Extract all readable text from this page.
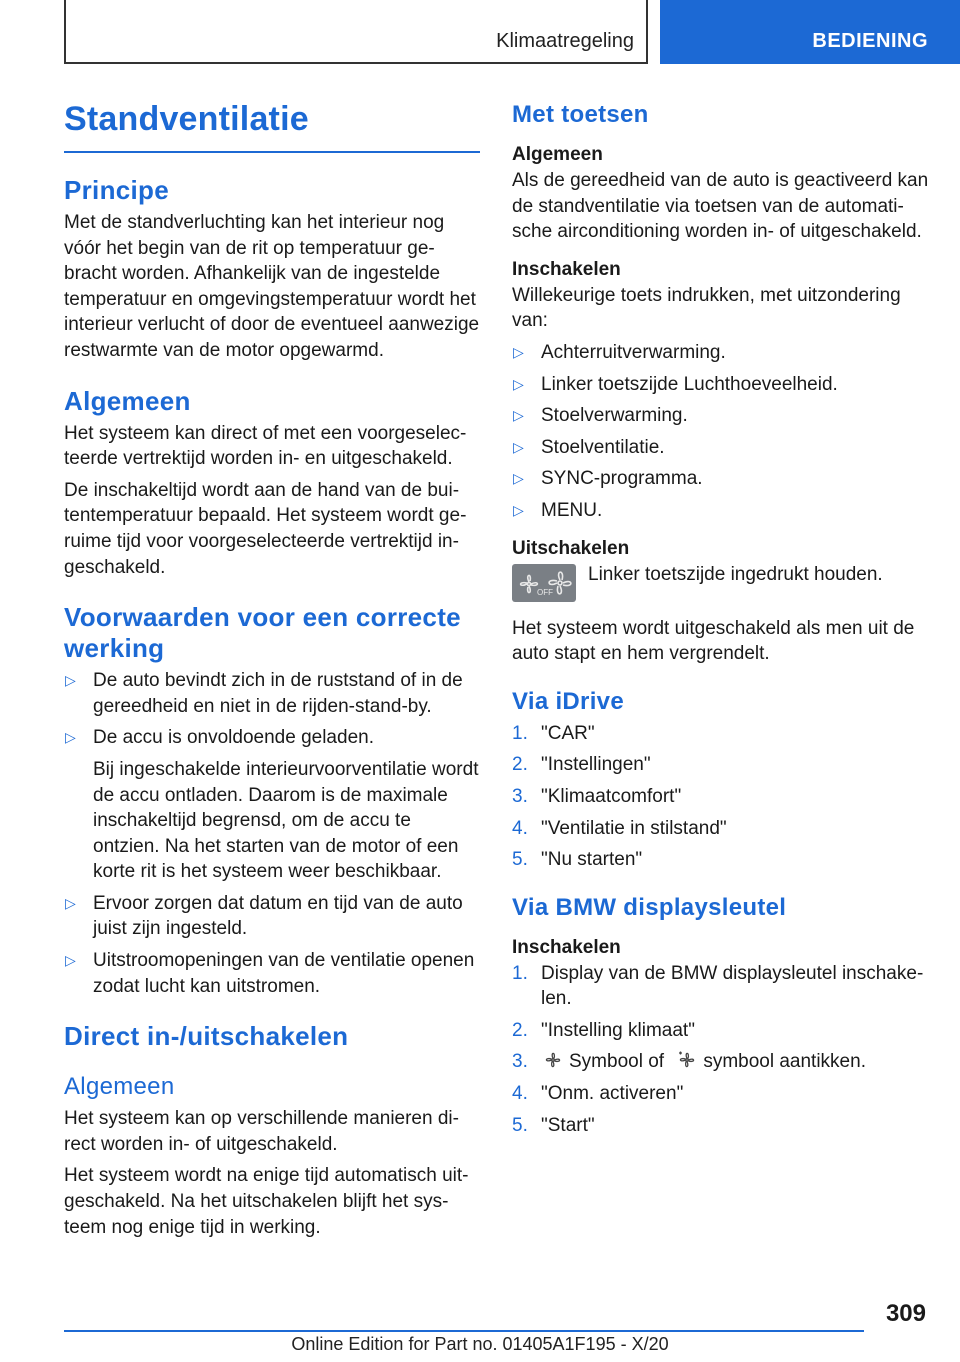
Klimaatregeling	BEDIENING
Standventilatie
Principe

Met de standverluchting kan het interieur nog vóór het begin van de rit op temperatuur gebracht worden. Afhankelijk van de ingestelde temperatuur en omgevingstemperatuur wordt het interieur verlucht of door de eventueel aanwezige restwarmte van de motor opgewarmd.

Algemeen

Het systeem kan direct of met een voorgeselecteerde vertrektijd worden in- en uitgeschakeld.

De inschakeltijd wordt aan de hand van de buitentemperatuur bepaald. Het systeem wordt geruime tijd voor voorgeselecteerde vertrektijd ingeschakeld.

Voorwaarden voor een correcte werking
▷ De auto bevindt zich in de ruststand of in de gereedheid en niet in de rijden-stand-by.
▷ De accu is onvoldoende geladen.
Bij ingeschakelde interieurvoorventilatie wordt de accu ontladen. Daarom is de maximale inschakeltijd begrensd, om de accu te ontzien. Na het starten van de motor of een korte rit is het systeem weer beschikbaar.
▷ Ervoor zorgen dat datum en tijd van de auto juist zijn ingesteld.
▷ Uitstroomopeningen van de ventilatie openen zodat lucht kan uitstromen.
Direct in-/uitschakelen
Algemeen

Het systeem kan op verschillende manieren direct worden in- of uitgeschakeld.

Het systeem wordt na enige tijd automatisch uitgeschakeld. Na het uitschakelen blijft het systeem nog enige tijd in werking.

Met toetsen
Algemeen

Als de gereedheid van de auto is geactiveerd kan de standventilatie via toetsen van de automatische airconditioning worden in- of uitgeschakeld.

Inschakelen

Willekeurige toets indrukken, met uitzondering van:

▷ Achterruitverwarming.
▷ Linker toetszijde Luchthoeveelheid.
▷ Stoelverwarming.
▷ Stoelventilatie.
▷ SYNC-programma.
▷ MENU.
Uitschakelen
OFF

Linker toetszijde ingedrukt houden.

Het systeem wordt uitgeschakeld als men uit de auto stapt en hem vergrendelt.

Via iDrive
1. "CAR"
2. "Instellingen"
3. "Klimaatcomfort"
4. "Ventilatie in stilstand"
5. "Nu starten"
Via BMW displaysleutel
Inschakelen
1. Display van de BMW displaysleutel inschakelen.
2. "Instelling klimaat"
3. Symbool of symbool aantikken.
4. "Onm. activeren"
5. "Start"
309
Online Edition for Part no. 01405A1F195 - X/20
